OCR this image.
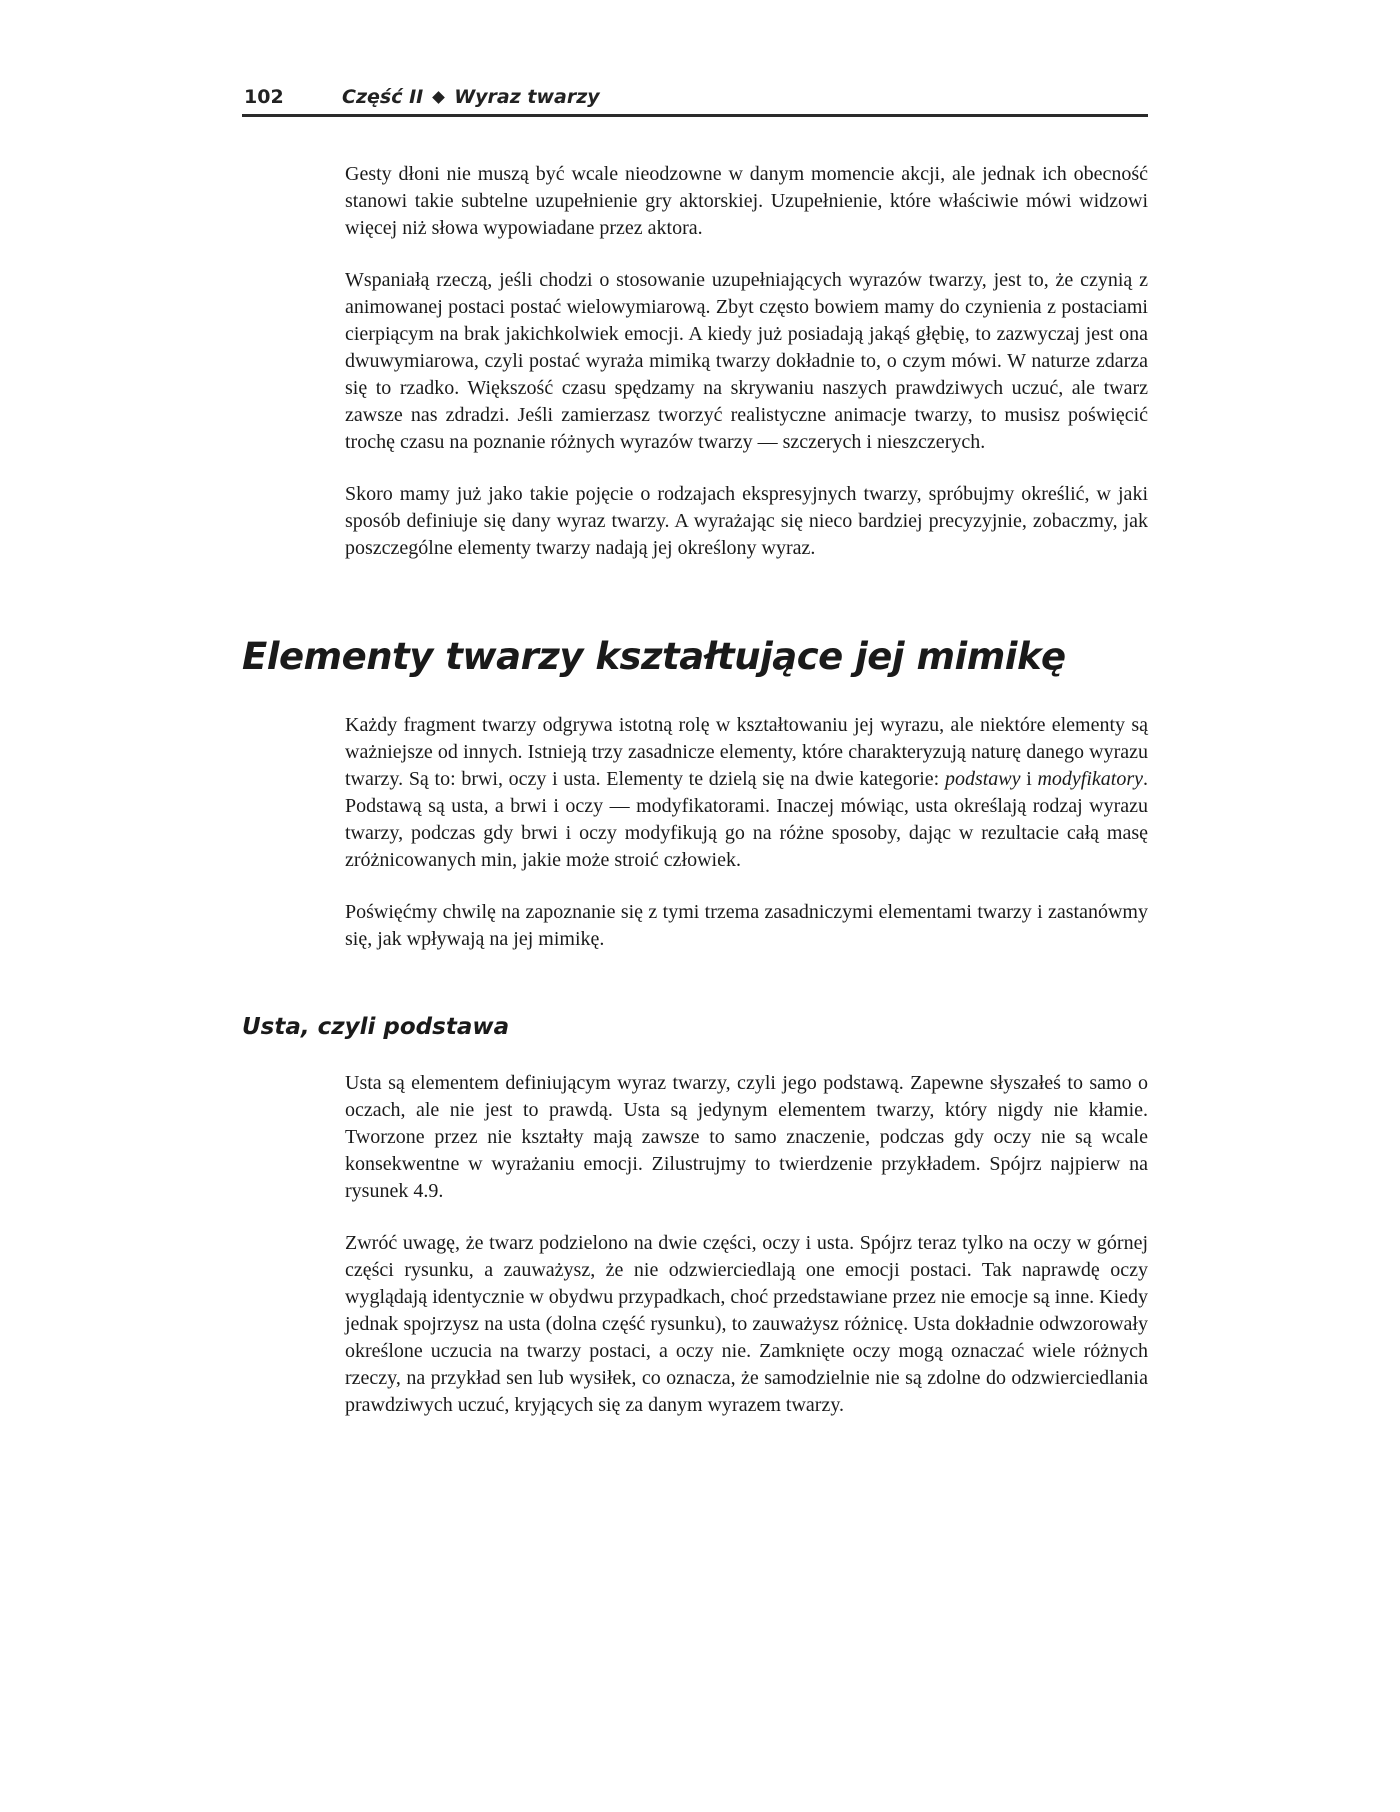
102	Część II Wyraz twarzy

Gesty dłoni nie muszą być wcale nieodzowne w danym momencie akcji, ale jednak ich obecność stanowi takie subtelne uzupełnienie gry aktorskiej. Uzupełnienie, które właściwie mówi widzowi więcej niż słowa wypowiadane przez aktora.

Wspaniałą rzeczą, jeśli chodzi o stosowanie uzupełniających wyrazów twarzy, jest to, że czynią z animowanej postaci postać wielowymiarową. Zbyt często bowiem mamy do czynienia z postaciami cierpiącym na brak jakichkolwiek emocji. A kiedy już posiadają jakąś głębię, to zazwyczaj jest ona dwuwymiarowa, czyli postać wyraża mimiką twarzy dokładnie to, o czym mówi. W naturze zdarza się to rzadko. Większość czasu spędzamy na skrywaniu naszych prawdziwych uczuć, ale twarz zawsze nas zdradzi. Jeśli zamierzasz tworzyć realistyczne animacje twarzy, to musisz poświęcić trochę czasu na poznanie różnych wyrazów twarzy — szczerych i nieszczerych.

Skoro mamy już jako takie pojęcie o rodzajach ekspresyjnych twarzy, spróbujmy określić, w jaki sposób definiuje się dany wyraz twarzy. A wyrażając się nieco bardziej precyzyjnie, zobaczmy, jak poszczególne elementy twarzy nadają jej określony wyraz.

Elementy twarzy kształtujące jej mimikę

Każdy fragment twarzy odgrywa istotną rolę w kształtowaniu jej wyrazu, ale niektóre elementy są ważniejsze od innych. Istnieją trzy zasadnicze elementy, które charakteryzują naturę danego wyrazu twarzy. Są to: brwi, oczy i usta. Elementy te dzielą się na dwie kategorie: podstawy i modyfikatory. Podstawą są usta, a brwi i oczy — modyfikatorami. Inaczej mówiąc, usta określają rodzaj wyrazu twarzy, podczas gdy brwi i oczy modyfikują go na różne sposoby, dając w rezultacie całą masę zróżnicowanych min, jakie może stroić człowiek.

Poświęćmy chwilę na zapoznanie się z tymi trzema zasadniczymi elementami twarzy i zastanówmy się, jak wpływają na jej mimikę.

Usta, czyli podstawa

Usta są elementem definiującym wyraz twarzy, czyli jego podstawą. Zapewne słyszałeś to samo o oczach, ale nie jest to prawdą. Usta są jedynym elementem twarzy, który nigdy nie kłamie. Tworzone przez nie kształty mają zawsze to samo znaczenie, podczas gdy oczy nie są wcale konsekwentne w wyrażaniu emocji. Zilustrujmy to twierdzenie przykładem. Spójrz najpierw na rysunek 4.9.

Zwróć uwagę, że twarz podzielono na dwie części, oczy i usta. Spójrz teraz tylko na oczy w górnej części rysunku, a zauważysz, że nie odzwierciedlają one emocji postaci. Tak naprawdę oczy wyglądają identycznie w obydwu przypadkach, choć przedstawiane przez nie emocje są inne. Kiedy jednak spojrzysz na usta (dolna część rysunku), to zauważysz różnicę. Usta dokładnie odwzorowały określone uczucia na twarzy postaci, a oczy nie. Zamknięte oczy mogą oznaczać wiele różnych rzeczy, na przykład sen lub wysiłek, co oznacza, że samodzielnie nie są zdolne do odzwierciedlania prawdziwych uczuć, kryjących się za danym wyrazem twarzy.
